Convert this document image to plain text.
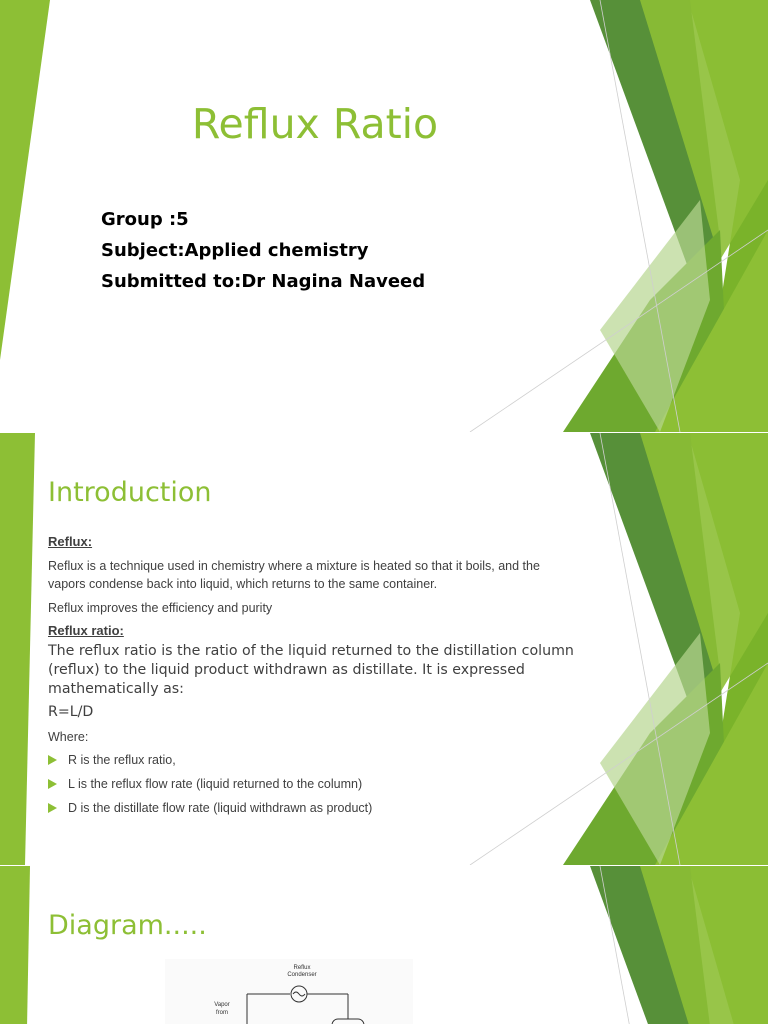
Reflux Ratio
Group :5
Subject:Applied chemistry
Submitted to:Dr Nagina Naveed
Introduction

Reflux:

Reflux is a technique used in chemistry where a mixture is heated so that it boils, and the vapors condense back into liquid, which returns to the same container.

Reflux improves the efficiency and purity

Reflux ratio:

The reflux ratio is the ratio of the liquid returned to the distillation column (reflux) to the liquid product withdrawn as distillate. It is expressed mathematically as:

R=L/D

Where:

R is the reflux ratio,
L is the reflux flow rate (liquid returned to the column)
D is the distillate flow rate (liquid withdrawn as product)
Diagram.....
Reflux
Condenser
Vapor
from
